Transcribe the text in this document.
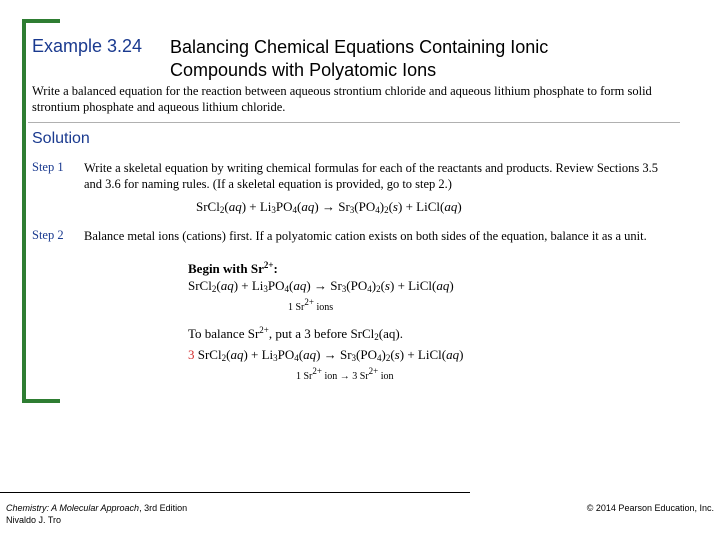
Example 3.24 Balancing Chemical Equations Containing Ionic
Compounds with Polyatomic Ions
Write a balanced equation for the reaction between aqueous strontium chloride and aqueous lithium phosphate to form solid strontium phosphate and aqueous lithium chloride.
Solution
Step 1 Write a skeletal equation by writing chemical formulas for each of the reactants and products. Review Sections 3.5 and 3.6 for naming rules. (If a skeletal equation is provided, go to step 2.)
SrCl$_2$(aq) + $Li_3PO_4(aq) \to Sr_3(PO_4)_2(s)$ + LiCl(aq)
Step 2 Balance metal ions (cations) first. If a polyatomic cation exists on both sides of the equation, balance it as a unit.
Begin with $Sr^{2+}$:
SrCl$_2$(aq) + $Li_3PO_4(aq) \to Sr_3(PO_4)_2(s)$ + LiCl(aq)
1 $Sr^{2+}$ ions
To balance $Sr^{2+}$, put a 3 before SrCl$_2$(aq).
3 SrCl$_2$(aq) + $Li_3PO_4(aq) \to Sr_3(PO_4)_2(s)$ + LiCl(aq)
1 $Sr^{2+}$ ion → 3 $Sr^{2+}$ ion
Chemistry: A Molecular Approach, 3rd Edition
Nivaldo J. Tro
© 2014 Pearson Education, Inc.
